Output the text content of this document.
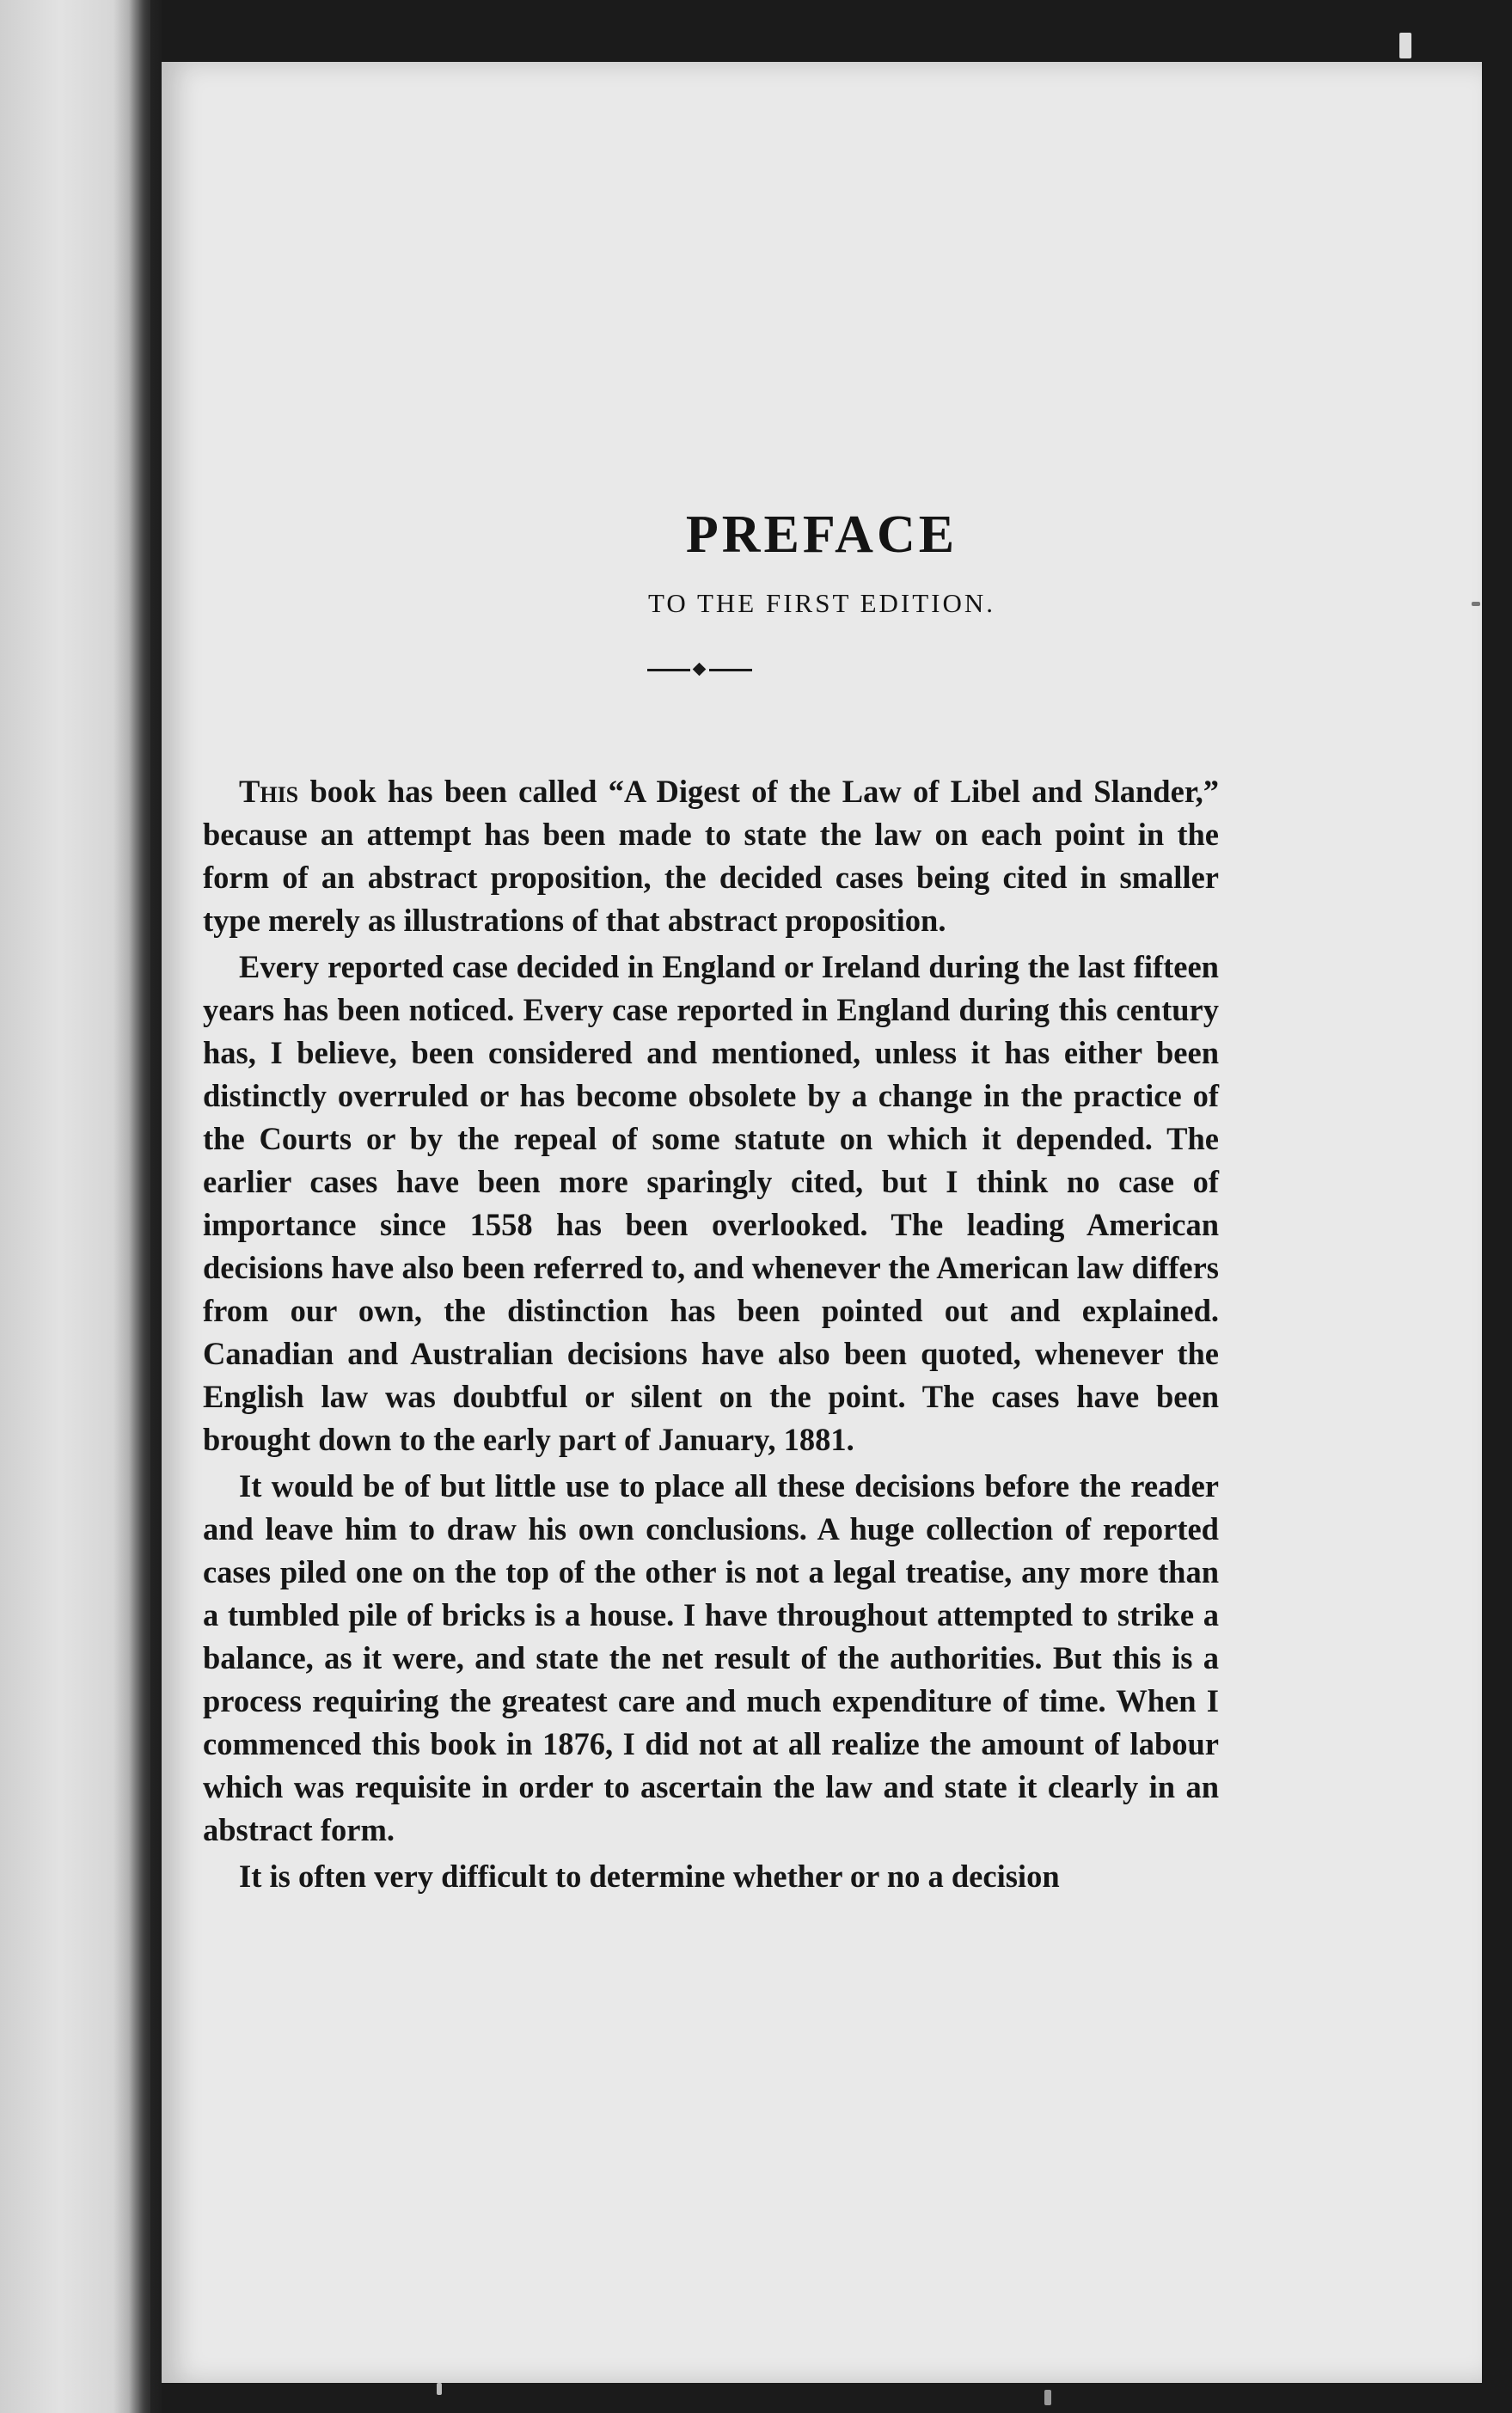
PREFACE
TO THE FIRST EDITION.

This book has been called “A Digest of the Law of Libel and Slander,” because an attempt has been made to state the law on each point in the form of an abstract proposition, the decided cases being cited in smaller type merely as illustrations of that abstract proposition.

Every reported case decided in England or Ireland during the last fifteen years has been noticed. Every case reported in England during this century has, I believe, been considered and mentioned, unless it has either been distinctly overruled or has become obsolete by a change in the practice of the Courts or by the repeal of some statute on which it depended. The earlier cases have been more sparingly cited, but I think no case of importance since 1558 has been overlooked. The leading American decisions have also been referred to, and whenever the American law differs from our own, the distinction has been pointed out and explained. Canadian and Australian decisions have also been quoted, whenever the English law was doubtful or silent on the point. The cases have been brought down to the early part of January, 1881.

It would be of but little use to place all these decisions before the reader and leave him to draw his own conclusions. A huge collection of reported cases piled one on the top of the other is not a legal treatise, any more than a tumbled pile of bricks is a house. I have throughout attempted to strike a balance, as it were, and state the net result of the authorities. But this is a process requiring the greatest care and much expenditure of time. When I commenced this book in 1876, I did not at all realize the amount of labour which was requisite in order to ascertain the law and state it clearly in an abstract form.

It is often very difficult to determine whether or no a decision
